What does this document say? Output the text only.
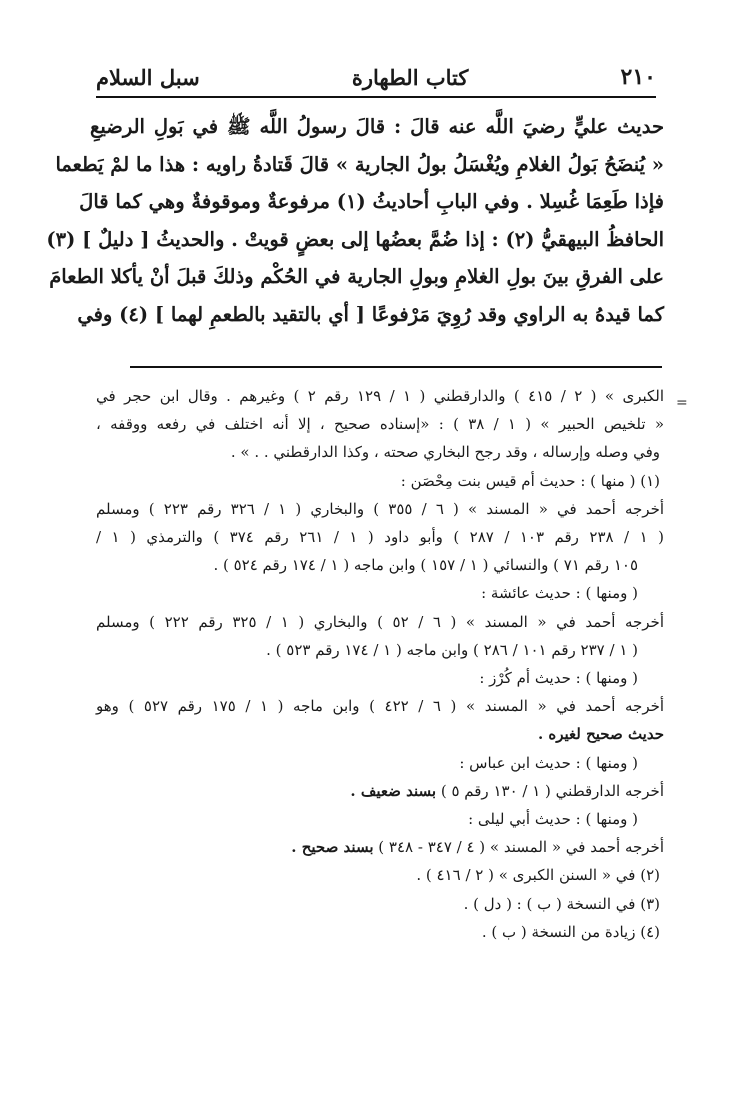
٢١٠
كتاب الطهارة
سبل السلام

حديث عليٍّ رضيَ اللَّه عنه قالَ : قالَ رسولُ اللَّه ﷺ في بَولِ الرضيعِ

« يُنضَحُ بَولُ الغلامِ ويُغْسَلُ بولُ الجارية » قالَ قَتادةُ راويه : هذا ما لمْ يَطعما

فإذا طَعِمَا غُسِلا . وفي البابِ أحاديثُ (١) مرفوعةٌ وموقوفةٌ وهي كما قالَ

الحافظُ البيهقيُّ (٢) : إذا ضُمَّ بعضُها إلى بعضٍ قويتْ . والحديثُ [ دليلٌ ] (٣)

على الفرقِ بينَ بولِ الغلامِ وبولِ الجارية في الحُكْم وذلكَ قبلَ أنْ يأكلا الطعامَ

كما قيدهُ به الراوي وقد رُوِيَ مَرْفوعًا [ أي بالتقيد بالطعمِ لهما ] (٤) وفي

=

الكبرى » ( ٢ / ٤١٥ ) والدارقطني ( ١ / ١٢٩ رقم ٢ ) وغيرهم . وقال ابن حجر في

« تلخيص الحبير » ( ١ / ٣٨ ) : «إسناده صحيح ، إلا أنه اختلف في رفعه ووقفه ،

وفي وصله وإرساله ، وقد رجح البخاري صحته ، وكذا الدارقطني . . » .

(١) ( منها ) : حديث أم قيس بنت مِحْصَن :

أخرجه أحمد في « المسند » ( ٦ / ٣٥٥ ) والبخاري ( ١ / ٣٢٦ رقم ٢٢٣ ) ومسلم

( ١ / ٢٣٨ رقم ١٠٣ / ٢٨٧ ) وأبو داود ( ١ / ٢٦١ رقم ٣٧٤ ) والترمذي ( ١ /

١٠٥ رقم ٧١ ) والنسائي ( ١ / ١٥٧ ) وابن ماجه ( ١ / ١٧٤ رقم ٥٢٤ ) .

( ومنها ) : حديث عائشة :

أخرجه أحمد في « المسند » ( ٦ / ٥٢ ) والبخاري ( ١ / ٣٢٥ رقم ٢٢٢ ) ومسلم

( ١ / ٢٣٧ رقم ١٠١ / ٢٨٦ ) وابن ماجه ( ١ / ١٧٤ رقم ٥٢٣ ) .

( ومنها ) : حديث أم كُرْز :

أخرجه أحمد في « المسند » ( ٦ / ٤٢٢ ) وابن ماجه ( ١ / ١٧٥ رقم ٥٢٧ ) وهو

حديث صحيح لغيره .

( ومنها ) : حديث ابن عباس :

أخرجه الدارقطني ( ١ / ١٣٠ رقم ٥ ) بسند ضعيف .

( ومنها ) : حديث أبي ليلى :

أخرجه أحمد في « المسند » ( ٤ / ٣٤٧ - ٣٤٨ ) بسند صحيح .

(٢) في « السنن الكبرى » ( ٢ / ٤١٦ ) .

(٣) في النسخة ( ب ) : ( دل ) .

(٤) زيادة من النسخة ( ب ) .
